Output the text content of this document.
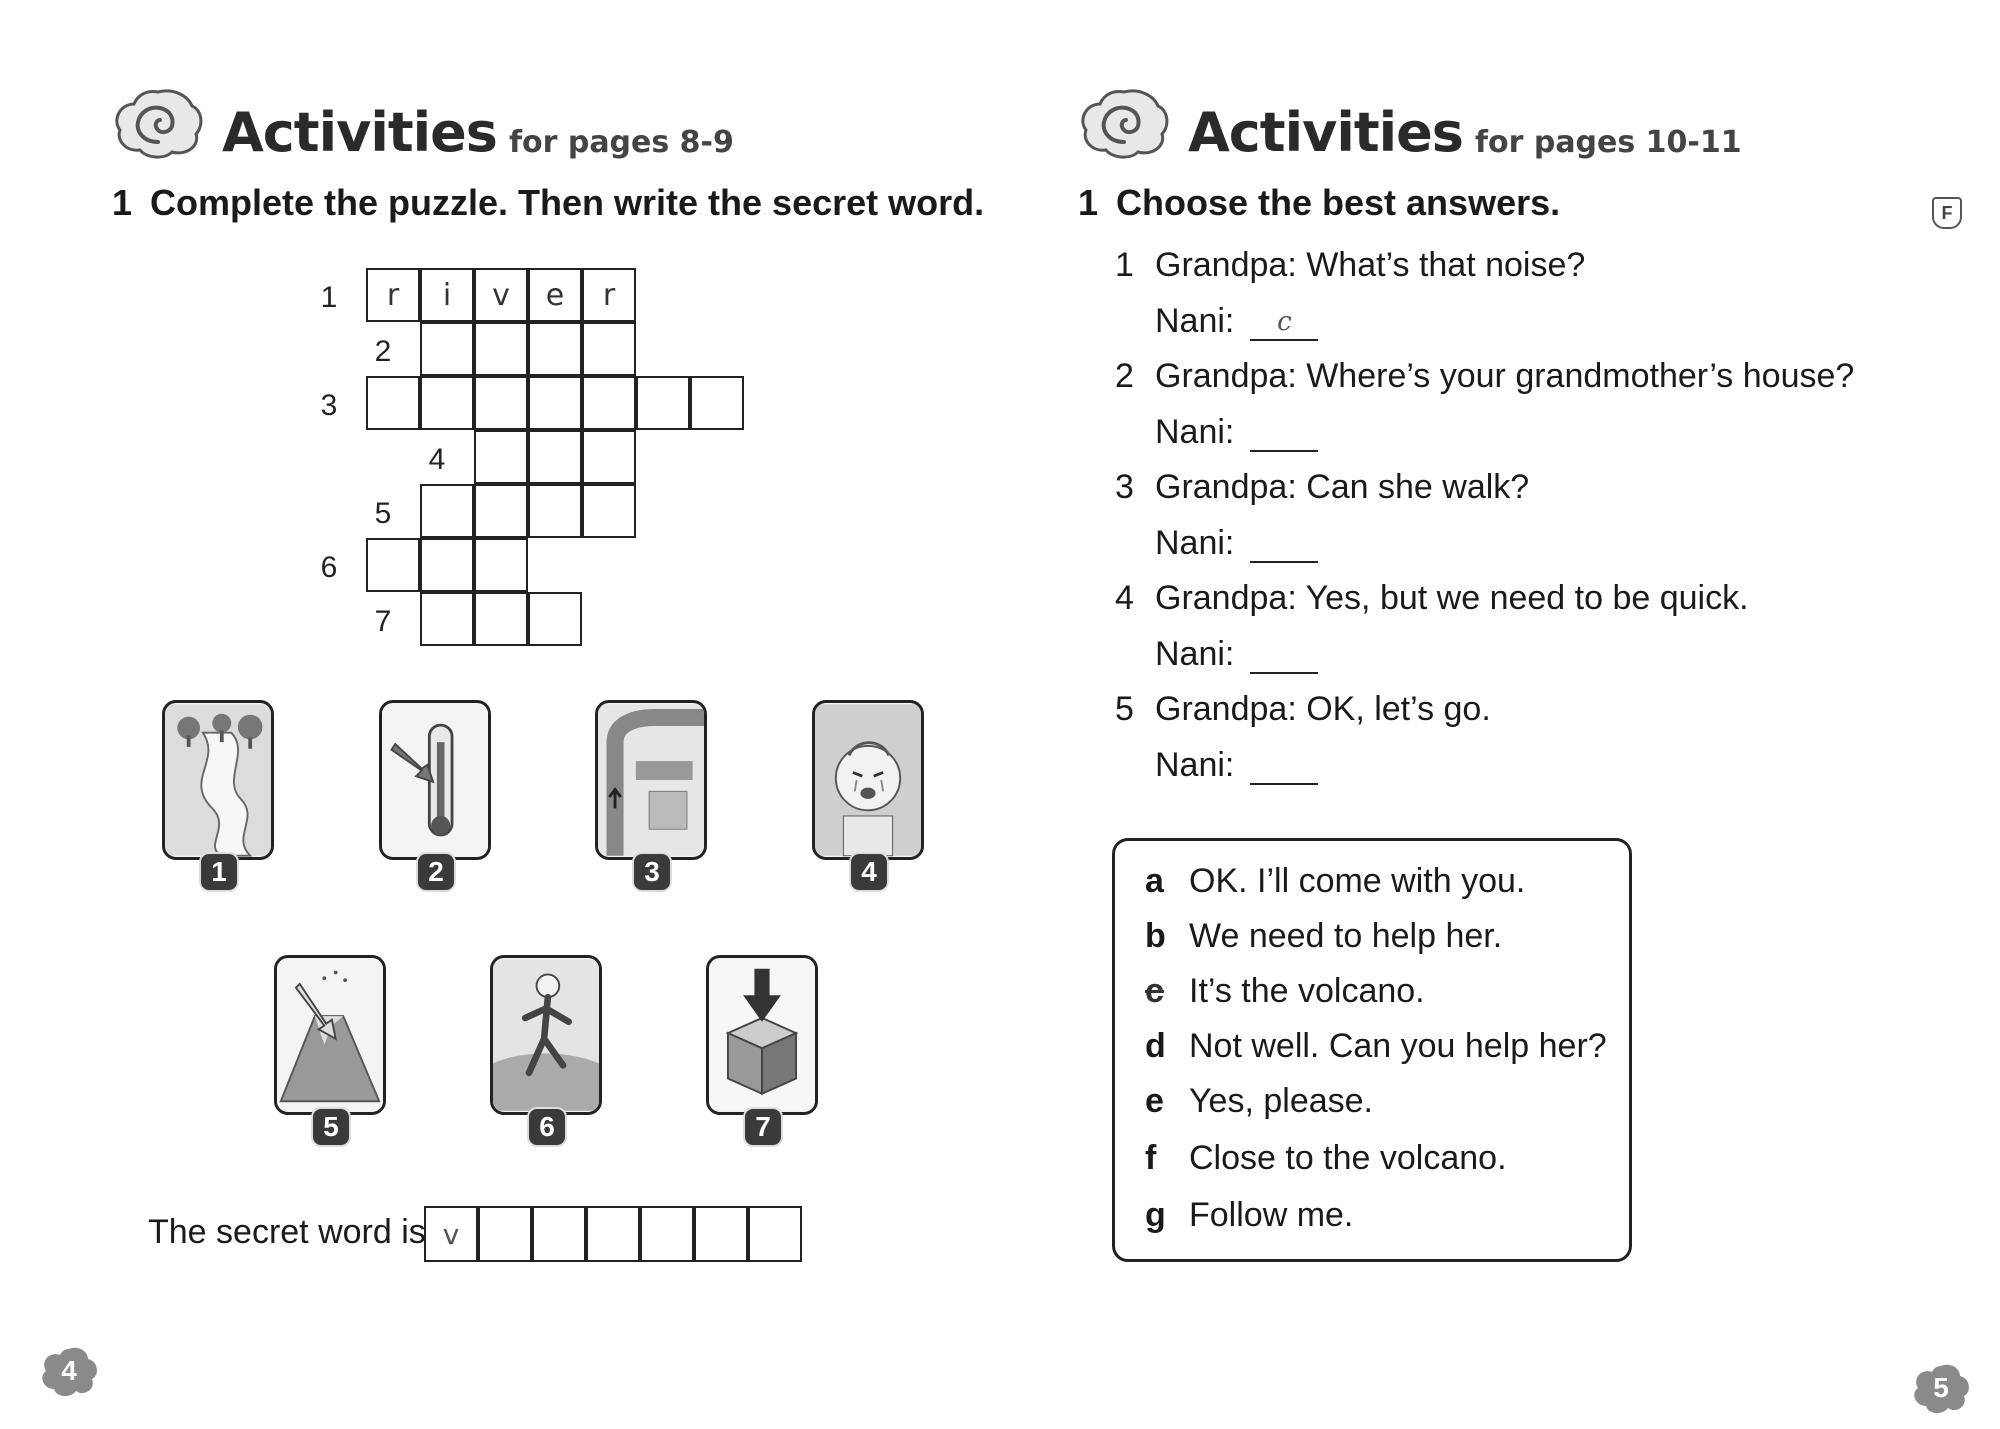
Activities for pages 8-9
1 Complete the puzzle. Then write the secret word.
1
2
3
4
5
6
7
r	i	v	e	r
1	2	3	4
5	6	7
The secret word is v
4
Activities for pages 10-11
1 Choose the best answers.	F
1 Grandpa: What’s that noise?
Nani:	c
2 Grandpa: Where’s your grandmother’s house?
Nani:
3 Grandpa: Can she walk?
Nani:
4 Grandpa: Yes, but we need to be quick.
Nani:
5 Grandpa: OK, let’s go.
Nani:
a OK. I’ll come with you.
b We need to help her.
c It’s the volcano.
d Not well. Can you help her?
e Yes, please.
f Close to the volcano.
g Follow me.
5
